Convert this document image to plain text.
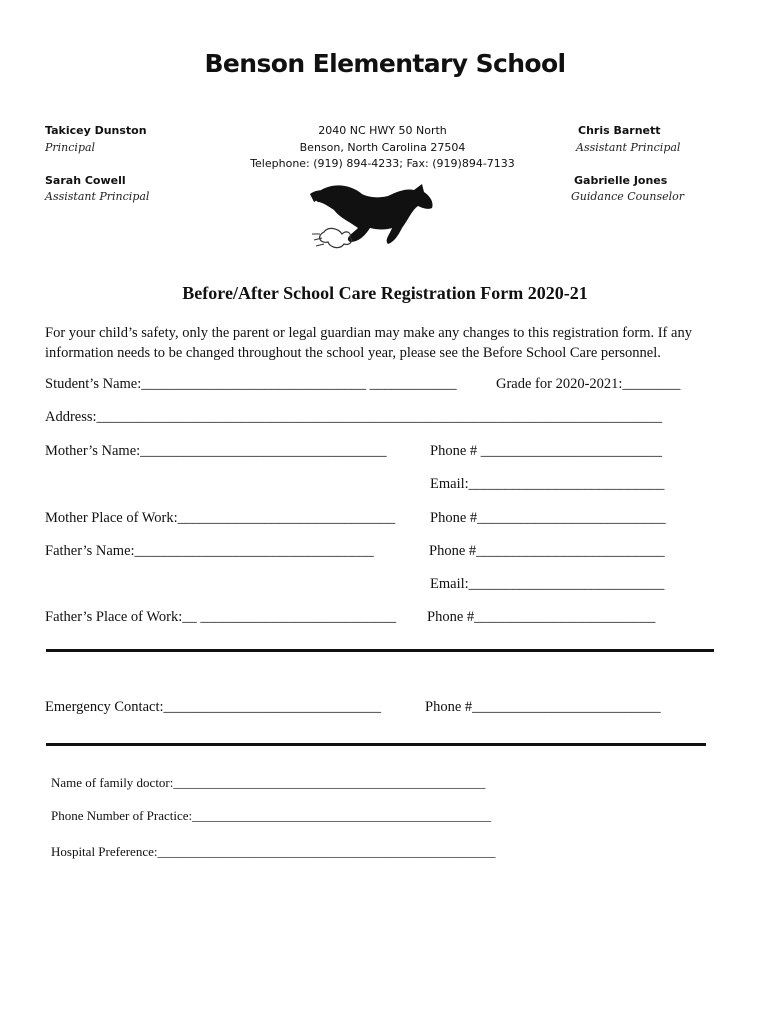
Benson Elementary School
Takicey Dunston
Principal
Sarah Cowell
Assistant Principal
Chris Barnett
Assistant Principal
Gabrielle Jones
Guidance Counselor
2040 NC HWY 50 North
Benson, North Carolina 27504
Telephone: (919) 894-4233; Fax: (919)894-7133
Before/After School Care Registration Form 2020-21
For your child’s safety, only the parent or legal guardian may make any changes to this registration form. If any information needs to be changed throughout the school year, please see the Before School Care personnel.
Student’s Name:_______________________________ ____________	Grade for 2020-2021:________
Address:______________________________________________________________________________
Mother’s Name:__________________________________	Phone # _________________________
Email:___________________________
Mother Place of Work:______________________________ Phone #__________________________
Father’s Name:_________________________________	Phone #__________________________
Email:___________________________
Father’s Place of Work:__ ___________________________ Phone #_________________________
Emergency Contact:______________________________	Phone #__________________________
Name of family doctor:________________________________________________
Phone Number of Practice:______________________________________________
Hospital Preference:____________________________________________________
